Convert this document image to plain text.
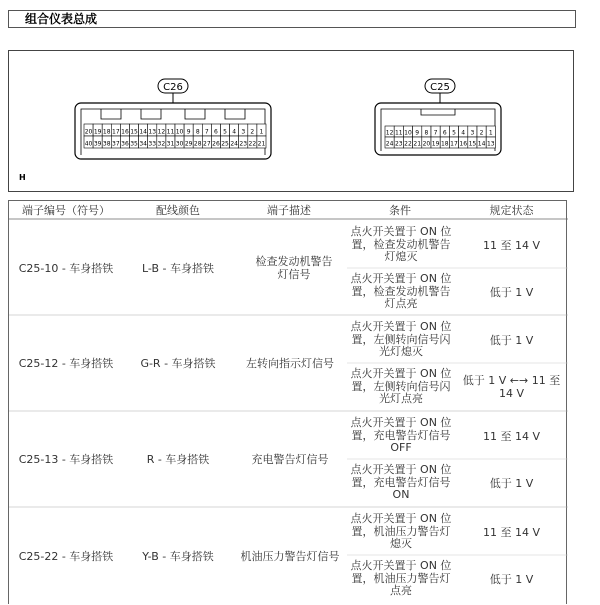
组合仪表总成
C26
20 19 18 17 16 15 14 13 12 11 10 9 8 7 6 5 4 3 2 1
40 39 38 37 36 35 34 33 32 31 30 29 28 27 26 25 24 23 22 21
C25
12 11 10 9 8 7 6 5 4 3 2 1
24 23 22 21 20 19 18 17 16 15 14 13
H
端子编号（符号）	配线颜色	端子描述	条件	规定状态
C25-10 - 车身搭铁	L-B - 车身搭铁	检查发动机警告灯信号
点火开关置于 ON 位置，检查发动机警告灯熄灭
11 至 14 V
点火开关置于 ON 位置，检查发动机警告灯点亮
低于 1 V
C25-12 - 车身搭铁	G-R - 车身搭铁	左转向指示灯信号
点火开关置于 ON 位置，左侧转向信号闪光灯熄灭
低于 1 V
点火开关置于 ON 位置，左侧转向信号闪光灯点亮
低于 1 V ←→ 11 至 14 V
C25-13 - 车身搭铁	R - 车身搭铁	充电警告灯信号
点火开关置于 ON 位置，充电警告灯信号 OFF
11 至 14 V
点火开关置于 ON 位置，充电警告灯信号 ON
低于 1 V
C25-22 - 车身搭铁	Y-B - 车身搭铁	机油压力警告灯信号
点火开关置于 ON 位置，机油压力警告灯熄灭
11 至 14 V
点火开关置于 ON 位置，机油压力警告灯点亮
低于 1 V
